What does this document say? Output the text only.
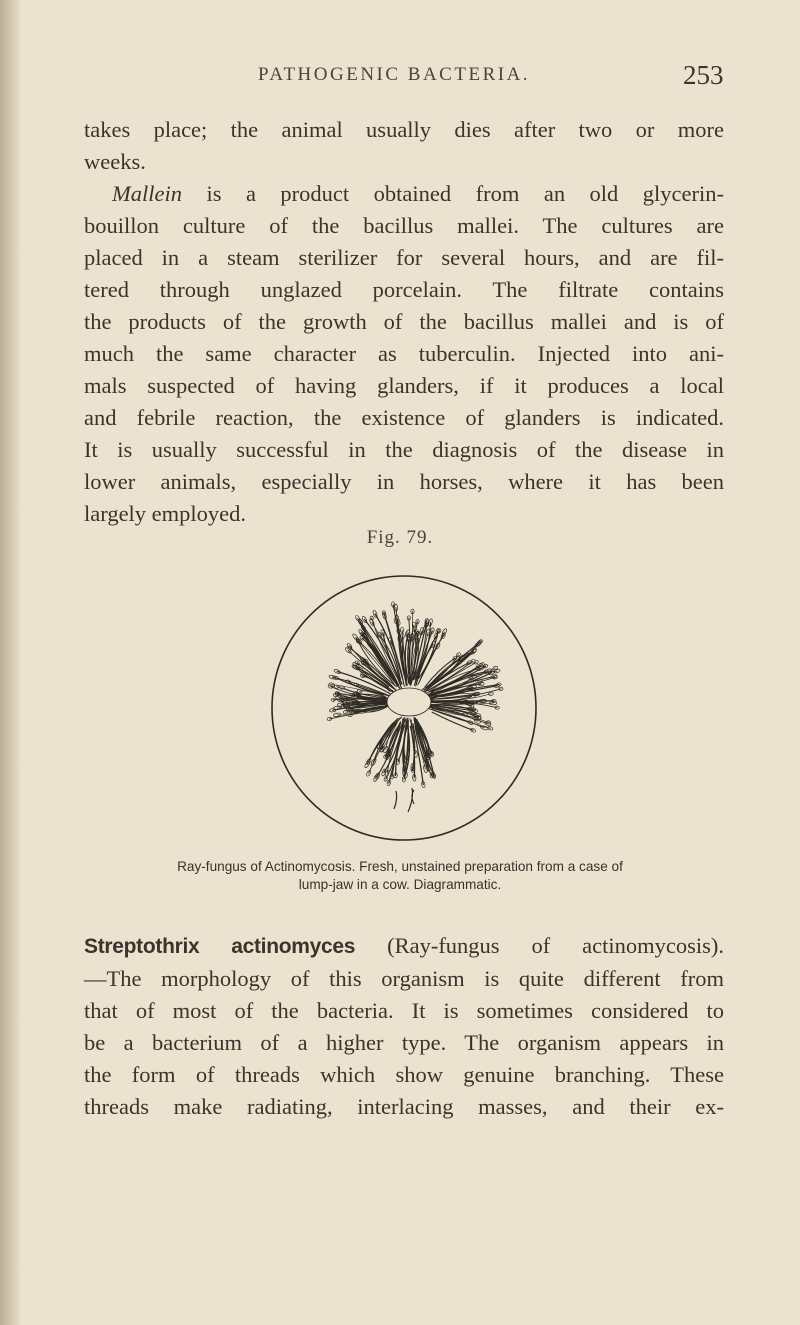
PATHOGENIC BACTERIA.	253

takes place; the animal usually dies after two or more
weeks.

Mallein is a product obtained from an old glycerin-
bouillon culture of the bacillus mallei. The cultures are
placed in a steam sterilizer for several hours, and are fil-
tered through unglazed porcelain. The filtrate contains
the products of the growth of the bacillus mallei and is of
much the same character as tuberculin. Injected into ani-
mals suspected of having glanders, if it produces a local
and febrile reaction, the existence of glanders is indicated.
It is usually successful in the diagnosis of the disease in
lower animals, especially in horses, where it has been
largely employed.

Fig. 79.

Ray-fungus of Actinomycosis. Fresh, unstained preparation from a case of
lump-jaw in a cow. Diagrammatic.

Streptothrix actinomyces (Ray-fungus of actinomycosis).
—The morphology of this organism is quite different from
that of most of the bacteria. It is sometimes considered to
be a bacterium of a higher type. The organism appears in
the form of threads which show genuine branching. These
threads make radiating, interlacing masses, and their ex-
